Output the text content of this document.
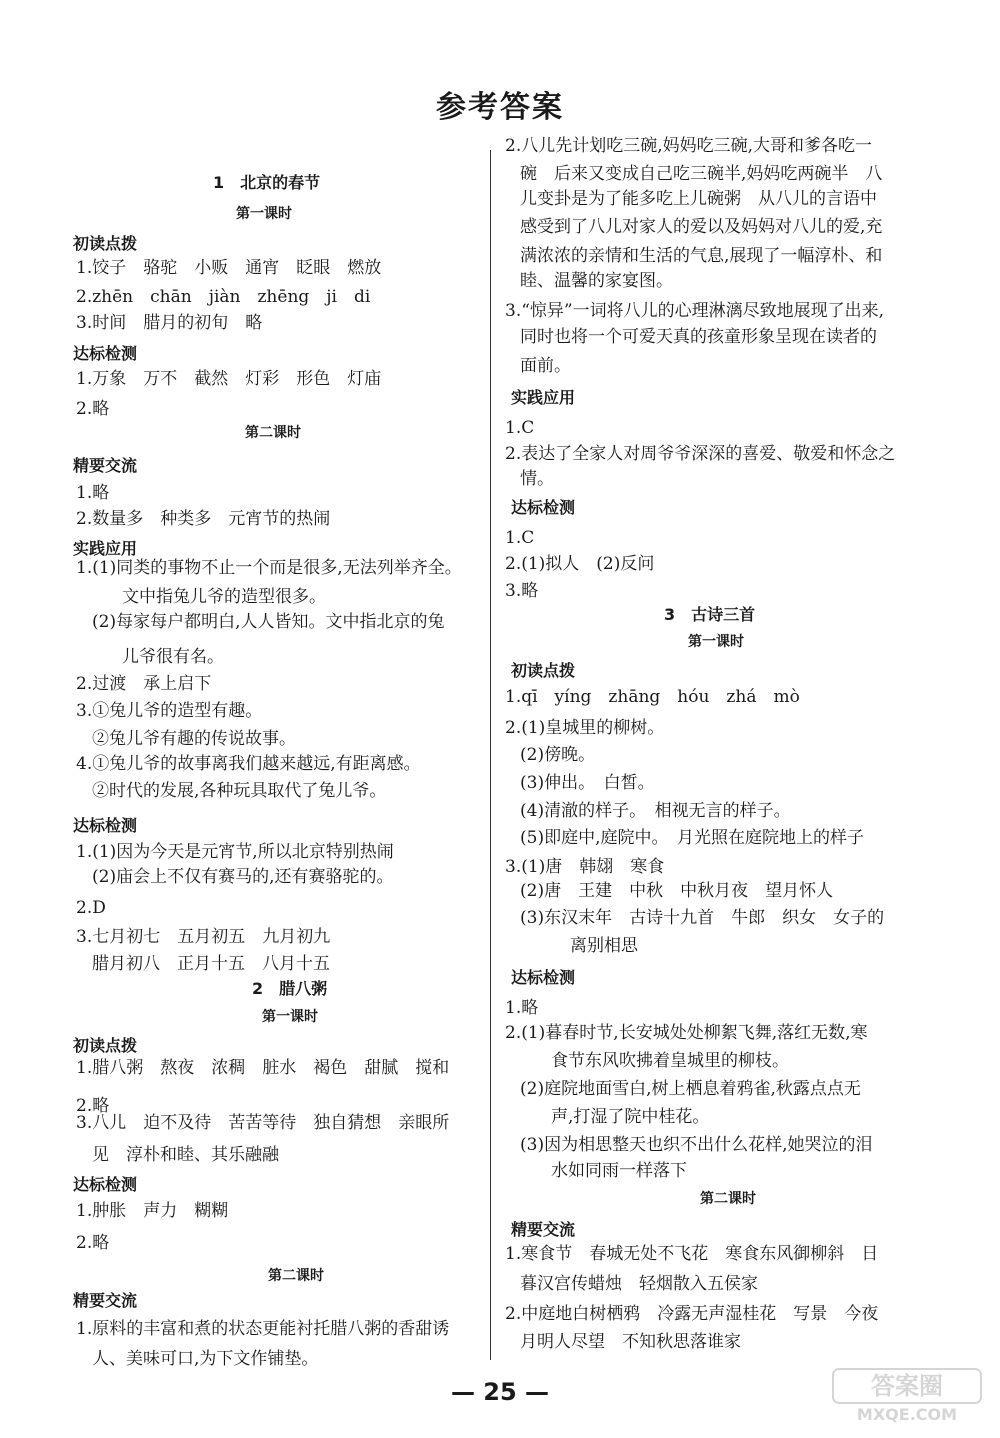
参考答案
1　北京的春节
第一课时
初读点拨
1.饺子　骆驼　小贩　通宵　眨眼　燃放
2.zhēn　chān　jiàn　zhēng　ji　di
3.时间　腊月的初旬　略
达标检测
1.万象　万不　截然　灯彩　形色　灯庙
2.略
第二课时
精要交流
1.略
2.数量多　种类多　元宵节的热闹
实践应用
1.(1)同类的事物不止一个而是很多,无法列举齐全。
文中指兔儿爷的造型很多。
(2)每家每户都明白,人人皆知。文中指北京的兔
儿爷很有名。
2.过渡　承上启下
3.①兔儿爷的造型有趣。
②兔儿爷有趣的传说故事。
4.①兔儿爷的故事离我们越来越远,有距离感。
②时代的发展,各种玩具取代了兔儿爷。
达标检测
1.(1)因为今天是元宵节,所以北京特别热闹
(2)庙会上不仅有赛马的,还有赛骆驼的。
2.D
3.七月初七　五月初五　九月初九
腊月初八　正月十五　八月十五
2　腊八粥
第一课时
初读点拨
1.腊八粥　熬夜　浓稠　脏水　褐色　甜腻　搅和
2.略
3.八儿　迫不及待　苦苦等待　独自猜想　亲眼所
见　淳朴和睦、其乐融融
达标检测
1.肿胀　声力　糊糊
2.略
第二课时
精要交流
1.原料的丰富和煮的状态更能衬托腊八粥的香甜诱
人、美味可口,为下文作铺垫。
2.八儿先计划吃三碗,妈妈吃三碗,大哥和爹各吃一
碗　后来又变成自己吃三碗半,妈妈吃两碗半　八
儿变卦是为了能多吃上儿碗粥　从八儿的言语中
感受到了八儿对家人的爱以及妈妈对八儿的爱,充
满浓浓的亲情和生活的气息,展现了一幅淳朴、和
睦、温馨的家宴图。
3.“惊异”一词将八儿的心理淋漓尽致地展现了出来,
同时也将一个可爱天真的孩童形象呈现在读者的
面前。
实践应用
1.C
2.表达了全家人对周爷爷深深的喜爱、敬爱和怀念之
情。
达标检测
1.C
2.(1)拟人　(2)反问
3.略
3　古诗三首
第一课时
初读点拨
1.qī　yíng　zhāng　hóu　zhá　mò
2.(1)皇城里的柳树。
(2)傍晚。
(3)伸出。　白皙。
(4)清澈的样子。　相视无言的样子。
(5)即庭中,庭院中。　月光照在庭院地上的样子
3.(1)唐　韩翃　寒食
(2)唐　王建　中秋　中秋月夜　望月怀人
(3)东汉末年　古诗十九首　牛郎　织女　女子的
离别相思
达标检测
1.略
2.(1)暮春时节,长安城处处柳絮飞舞,落红无数,寒
食节东风吹拂着皇城里的柳枝。
(2)庭院地面雪白,树上栖息着鸦雀,秋露点点无
声,打湿了院中桂花。
(3)因为相思整天也织不出什么花样,她哭泣的泪
水如同雨一样落下
第二课时
精要交流
1.寒食节　春城无处不飞花　寒食东风御柳斜　日
暮汉宫传蜡烛　轻烟散入五侯家
2.中庭地白树栖鸦　冷露无声湿桂花　写景　今夜
月明人尽望　不知秋思落谁家
— 25 —	答案圈
MXQE.COM
